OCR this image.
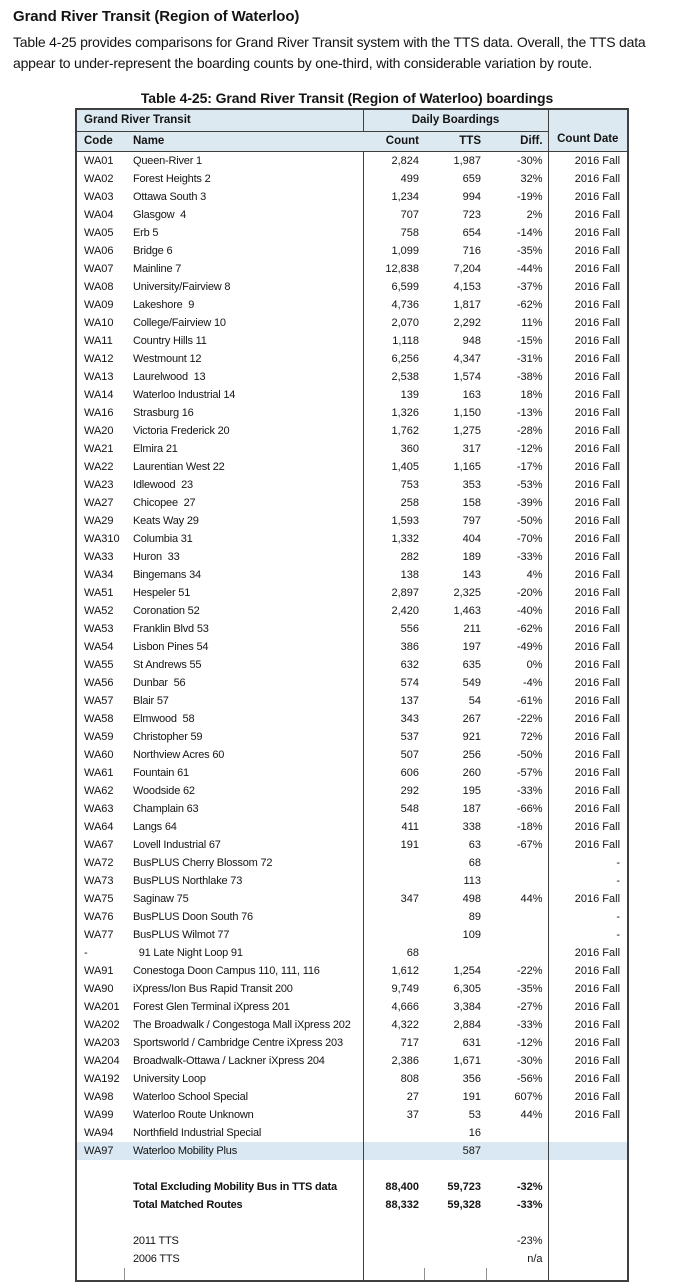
Grand River Transit (Region of Waterloo)

Table 4-25 provides comparisons for Grand River Transit system with the TTS data. Overall, the TTS data appear to under-represent the boarding counts by one-third, with considerable variation by route.

Table 4-25: Grand River Transit (Region of Waterloo) boardings
Grand River Transit		Daily Boardings			Count Date
Code	Name	Count	TTS	Diff.	
WA01	Queen-River 1	2,824	1,987	-30%	2016 Fall
WA02	Forest Heights 2	499	659	32%	2016 Fall
WA03	Ottawa South 3	1,234	994	-19%	2016 Fall
WA04	Glasgow  4	707	723	2%	2016 Fall
WA05	Erb 5	758	654	-14%	2016 Fall
WA06	Bridge 6	1,099	716	-35%	2016 Fall
WA07	Mainline 7	12,838	7,204	-44%	2016 Fall
WA08	University/Fairview 8	6,599	4,153	-37%	2016 Fall
WA09	Lakeshore  9	4,736	1,817	-62%	2016 Fall
WA10	College/Fairview 10	2,070	2,292	11%	2016 Fall
WA11	Country Hills 11	1,118	948	-15%	2016 Fall
WA12	Westmount 12	6,256	4,347	-31%	2016 Fall
WA13	Laurelwood  13	2,538	1,574	-38%	2016 Fall
WA14	Waterloo Industrial 14	139	163	18%	2016 Fall
WA16	Strasburg 16	1,326	1,150	-13%	2016 Fall
WA20	Victoria Frederick 20	1,762	1,275	-28%	2016 Fall
WA21	Elmira 21	360	317	-12%	2016 Fall
WA22	Laurentian West 22	1,405	1,165	-17%	2016 Fall
WA23	Idlewood  23	753	353	-53%	2016 Fall
WA27	Chicopee  27	258	158	-39%	2016 Fall
WA29	Keats Way 29	1,593	797	-50%	2016 Fall
WA310	Columbia 31	1,332	404	-70%	2016 Fall
WA33	Huron  33	282	189	-33%	2016 Fall
WA34	Bingemans 34	138	143	4%	2016 Fall
WA51	Hespeler 51	2,897	2,325	-20%	2016 Fall
WA52	Coronation 52	2,420	1,463	-40%	2016 Fall
WA53	Franklin Blvd 53	556	211	-62%	2016 Fall
WA54	Lisbon Pines 54	386	197	-49%	2016 Fall
WA55	St Andrews 55	632	635	0%	2016 Fall
WA56	Dunbar  56	574	549	-4%	2016 Fall
WA57	Blair 57	137	54	-61%	2016 Fall
WA58	Elmwood  58	343	267	-22%	2016 Fall
WA59	Christopher 59	537	921	72%	2016 Fall
WA60	Northview Acres 60	507	256	-50%	2016 Fall
WA61	Fountain 61	606	260	-57%	2016 Fall
WA62	Woodside 62	292	195	-33%	2016 Fall
WA63	Champlain 63	548	187	-66%	2016 Fall
WA64	Langs 64	411	338	-18%	2016 Fall
WA67	Lovell Industrial 67	191	63	-67%	2016 Fall
WA72	BusPLUS Cherry Blossom 72		68		-
WA73	BusPLUS Northlake 73		113		-
WA75	Saginaw 75	347	498	44%	2016 Fall
WA76	BusPLUS Doon South 76		89		-
WA77	BusPLUS Wilmot 77		109		-
-	91 Late Night Loop 91	68			2016 Fall
WA91	Conestoga Doon Campus 110, 111, 116	1,612	1,254	-22%	2016 Fall
WA90	iXpress/Ion Bus Rapid Transit 200	9,749	6,305	-35%	2016 Fall
WA201	Forest Glen Terminal iXpress 201	4,666	3,384	-27%	2016 Fall
WA202	The Broadwalk / Congestoga Mall iXpress 202	4,322	2,884	-33%	2016 Fall
WA203	Sportsworld / Cambridge Centre iXpress 203	717	631	-12%	2016 Fall
WA204	Broadwalk-Ottawa / Lackner iXpress 204	2,386	1,671	-30%	2016 Fall
WA192	University Loop	808	356	-56%	2016 Fall
WA98	Waterloo School Special	27	191	607%	2016 Fall
WA99	Waterloo Route Unknown	37	53	44%	2016 Fall
WA94	Northfield Industrial Special		16		
WA97	Waterloo Mobility Plus		587		

	Total Excluding Mobility Bus in TTS data	88,400	59,723	-32%	
	Total Matched Routes	88,332	59,328	-33%	

	2011 TTS			-23%	
	2006 TTS			n/a	
